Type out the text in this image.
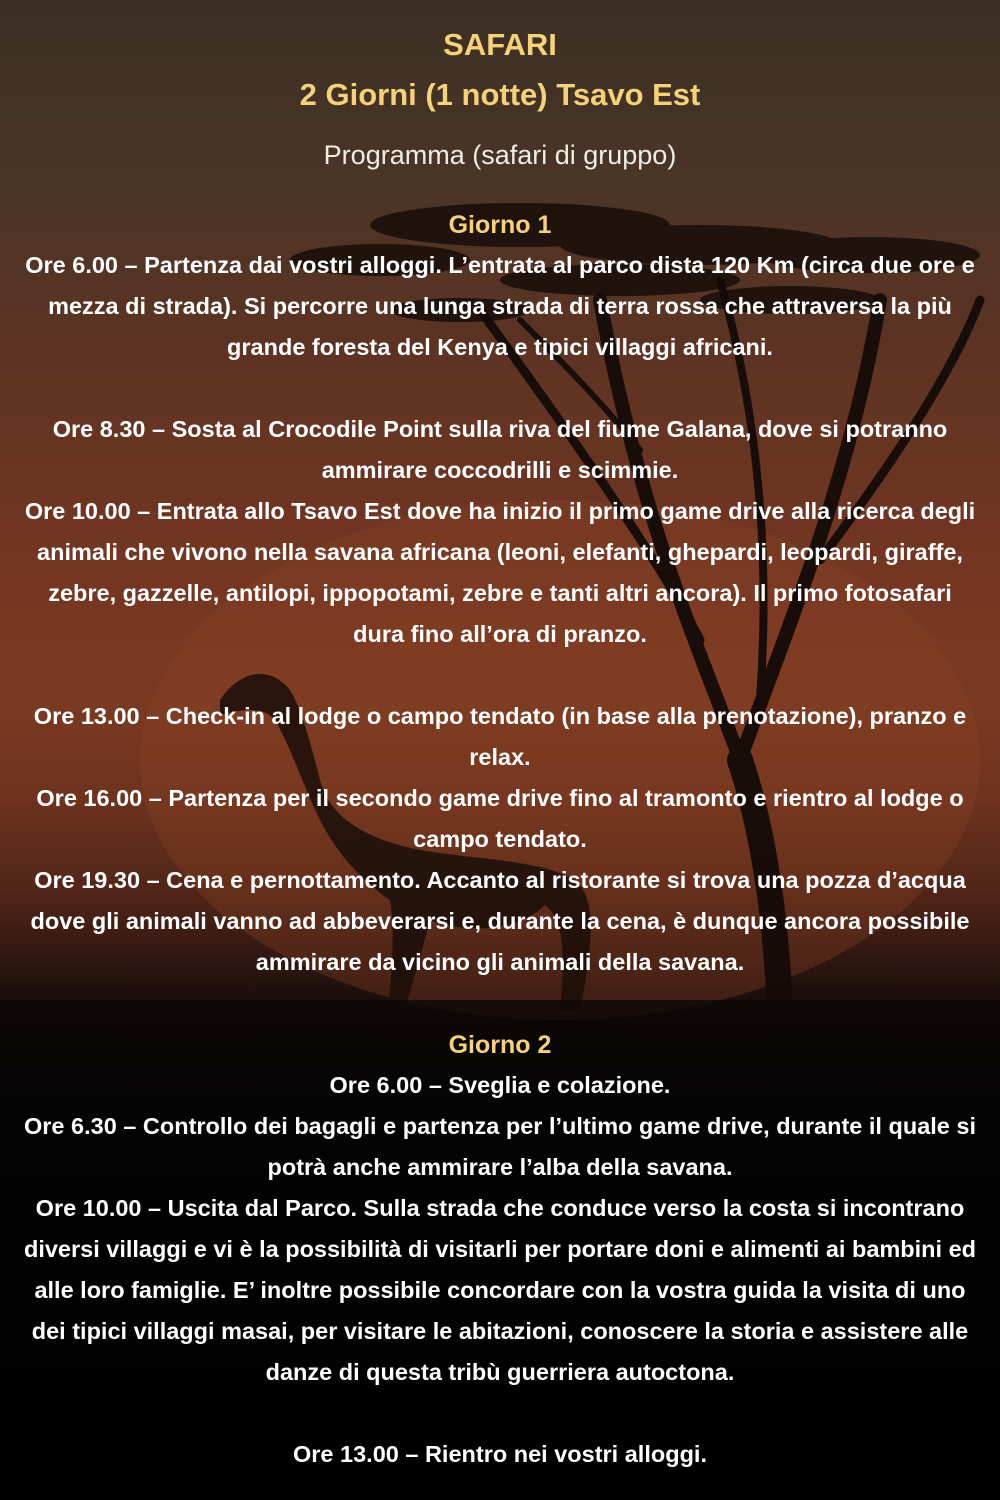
SAFARI
2 Giorni (1 notte) Tsavo Est
Programma (safari di gruppo)
Giorno 1
Ore 6.00 – Partenza dai vostri alloggi. L’entrata al parco dista 120 Km (circa due ore e mezza di strada). Si percorre una lunga strada di terra rossa che attraversa la più grande foresta del Kenya e tipici villaggi africani.
Ore 8.30 – Sosta al Crocodile Point sulla riva del fiume Galana, dove si potranno ammirare coccodrilli e scimmie.
Ore 10.00 – Entrata allo Tsavo Est dove ha inizio il primo game drive alla ricerca degli animali che vivono nella savana africana (leoni, elefanti, ghepardi, leopardi, giraffe, zebre, gazzelle, antilopi, ippopotami, zebre e tanti altri ancora). Il primo fotosafari dura fino all’ora di pranzo.
Ore 13.00 – Check-in al lodge o campo tendato (in base alla prenotazione), pranzo e relax.
Ore 16.00 – Partenza per il secondo game drive fino al tramonto e rientro al lodge o campo tendato.
Ore 19.30 – Cena e pernottamento. Accanto al ristorante si trova una pozza d’acqua dove gli animali vanno ad abbeverarsi e, durante la cena, è dunque ancora possibile ammirare da vicino gli animali della savana.
Giorno 2
Ore 6.00 – Sveglia e colazione.
Ore 6.30 – Controllo dei bagagli e partenza per l’ultimo game drive, durante il quale si potrà anche ammirare l’alba della savana.
Ore 10.00 – Uscita dal Parco. Sulla strada che conduce verso la costa si incontrano diversi villaggi e vi è la possibilità di visitarli per portare doni e alimenti ai bambini ed alle loro famiglie. E’ inoltre possibile concordare con la vostra guida la visita di uno dei tipici villaggi masai, per visitare le abitazioni, conoscere la storia e assistere alle danze di questa tribù guerriera autoctona.
Ore 13.00 – Rientro nei vostri alloggi.
